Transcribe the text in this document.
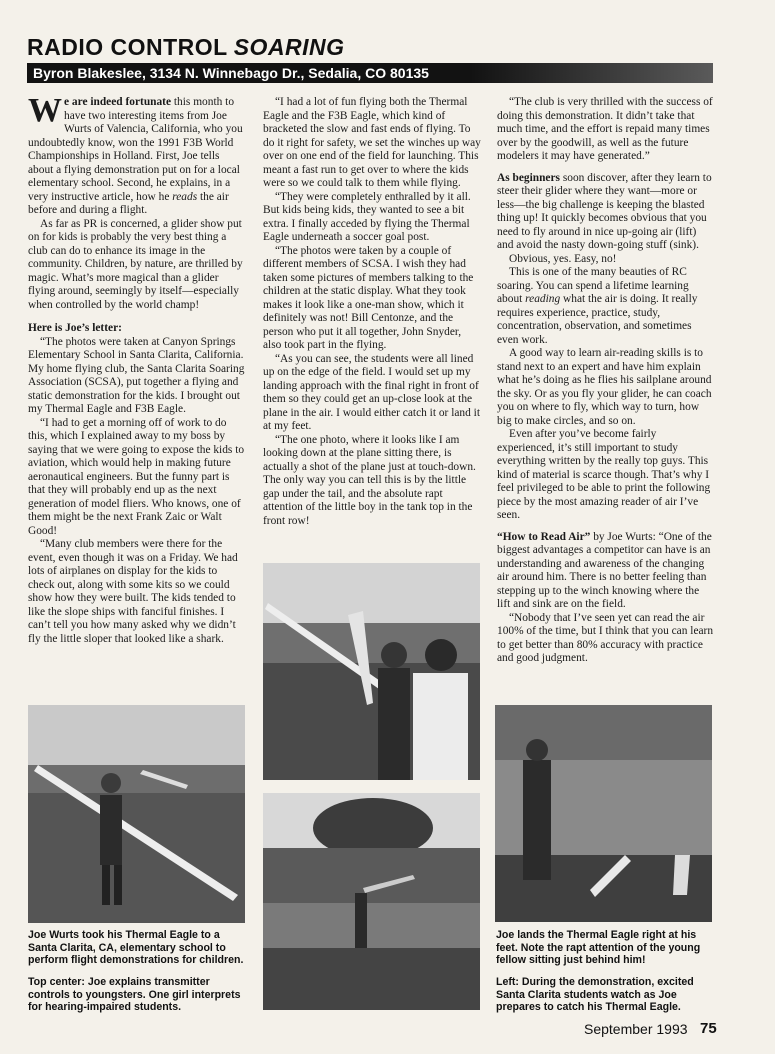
RADIO CONTROL SOARING
Byron Blakeslee, 3134 N. Winnebago Dr., Sedalia, CO 80135

We are indeed fortunate this month to have two interesting items from Joe Wurts of Valencia, California, who you undoubtedly know, won the 1991 F3B World Championships in Holland. First, Joe tells about a flying demonstration put on for a local elementary school. Second, he explains, in a very instructive article, how he reads the air before and during a flight.

As far as PR is concerned, a glider show put on for kids is probably the very best thing a club can do to enhance its image in the community. Children, by nature, are thrilled by magic. What’s more magical than a glider flying around, seemingly by itself—especially when controlled by the world champ!

Here is Joe’s letter:

“The photos were taken at Canyon Springs Elementary School in Santa Clarita, California. My home flying club, the Santa Clarita Soaring Association (SCSA), put together a flying and static demonstration for the kids. I brought out my Thermal Eagle and F3B Eagle.

“I had to get a morning off of work to do this, which I explained away to my boss by saying that we were going to expose the kids to aviation, which would help in making future aeronautical engineers. But the funny part is that they will probably end up as the next generation of model fliers. Who knows, one of them might be the next Frank Zaic or Walt Good!

“Many club members were there for the event, even though it was on a Friday. We had lots of airplanes on display for the kids to check out, along with some kits so we could show how they were built. The kids tended to like the slope ships with fanciful finishes. I can’t tell you how many asked why we didn’t fly the little sloper that looked like a shark.

“I had a lot of fun flying both the Thermal Eagle and the F3B Eagle, which kind of bracketed the slow and fast ends of flying. To do it right for safety, we set the winches up way over on one end of the field for launching. This meant a fast run to get over to where the kids were so we could talk to them while flying.

“They were completely enthralled by it all. But kids being kids, they wanted to see a bit extra. I finally acceded by flying the Thermal Eagle underneath a soccer goal post.

“The photos were taken by a couple of different members of SCSA. I wish they had taken some pictures of members talking to the children at the static display. What they took makes it look like a one-man show, which it definitely was not! Bill Centonze, and the person who put it all together, John Snyder, also took part in the flying.

“As you can see, the students were all lined up on the edge of the field. I would set up my landing approach with the final right in front of them so they could get an up-close look at the plane in the air. I would either catch it or land it at my feet.

“The one photo, where it looks like I am looking down at the plane sitting there, is actually a shot of the plane just at touch-down. The only way you can tell this is by the little gap under the tail, and the absolute rapt attention of the little boy in the tank top in the front row!

“The club is very thrilled with the success of doing this demonstration. It didn’t take that much time, and the effort is repaid many times over by the goodwill, as well as the future modelers it may have generated.”

As beginners soon discover, after they learn to steer their glider where they want—more or less—the big challenge is keeping the blasted thing up! It quickly becomes obvious that you need to fly around in nice up-going air (lift) and avoid the nasty down-going stuff (sink).

Obvious, yes. Easy, no!

This is one of the many beauties of RC soaring. You can spend a lifetime learning about reading what the air is doing. It really requires experience, practice, study, concentration, observation, and sometimes even work.

A good way to learn air-reading skills is to stand next to an expert and have him explain what he’s doing as he flies his sailplane around the sky. Or as you fly your glider, he can coach you on where to fly, which way to turn, how big to make circles, and so on.

Even after you’ve become fairly experienced, it’s still important to study everything written by the really top guys. This kind of material is scarce though. That’s why I feel privileged to be able to print the following piece by the most amazing reader of air I’ve seen.

“How to Read Air” by Joe Wurts: “One of the biggest advantages a competitor can have is an understanding and awareness of the changing air around him. There is no better feeling than stepping up to the winch knowing where the lift and sink are on the field.

“Nobody that I’ve seen yet can read the air 100% of the time, but I think that you can learn to get better than 80% accuracy with practice and good judgment.

Joe Wurts took his Thermal Eagle to a Santa Clarita, CA, elementary school to perform flight demonstrations for children.
Top center: Joe explains transmitter controls to youngsters. One girl interprets for hearing-impaired students.
Joe lands the Thermal Eagle right at his feet. Note the rapt attention of the young fellow sitting just behind him!
Left: During the demonstration, excited Santa Clarita students watch as Joe prepares to catch his Thermal Eagle.
September 1993 75
